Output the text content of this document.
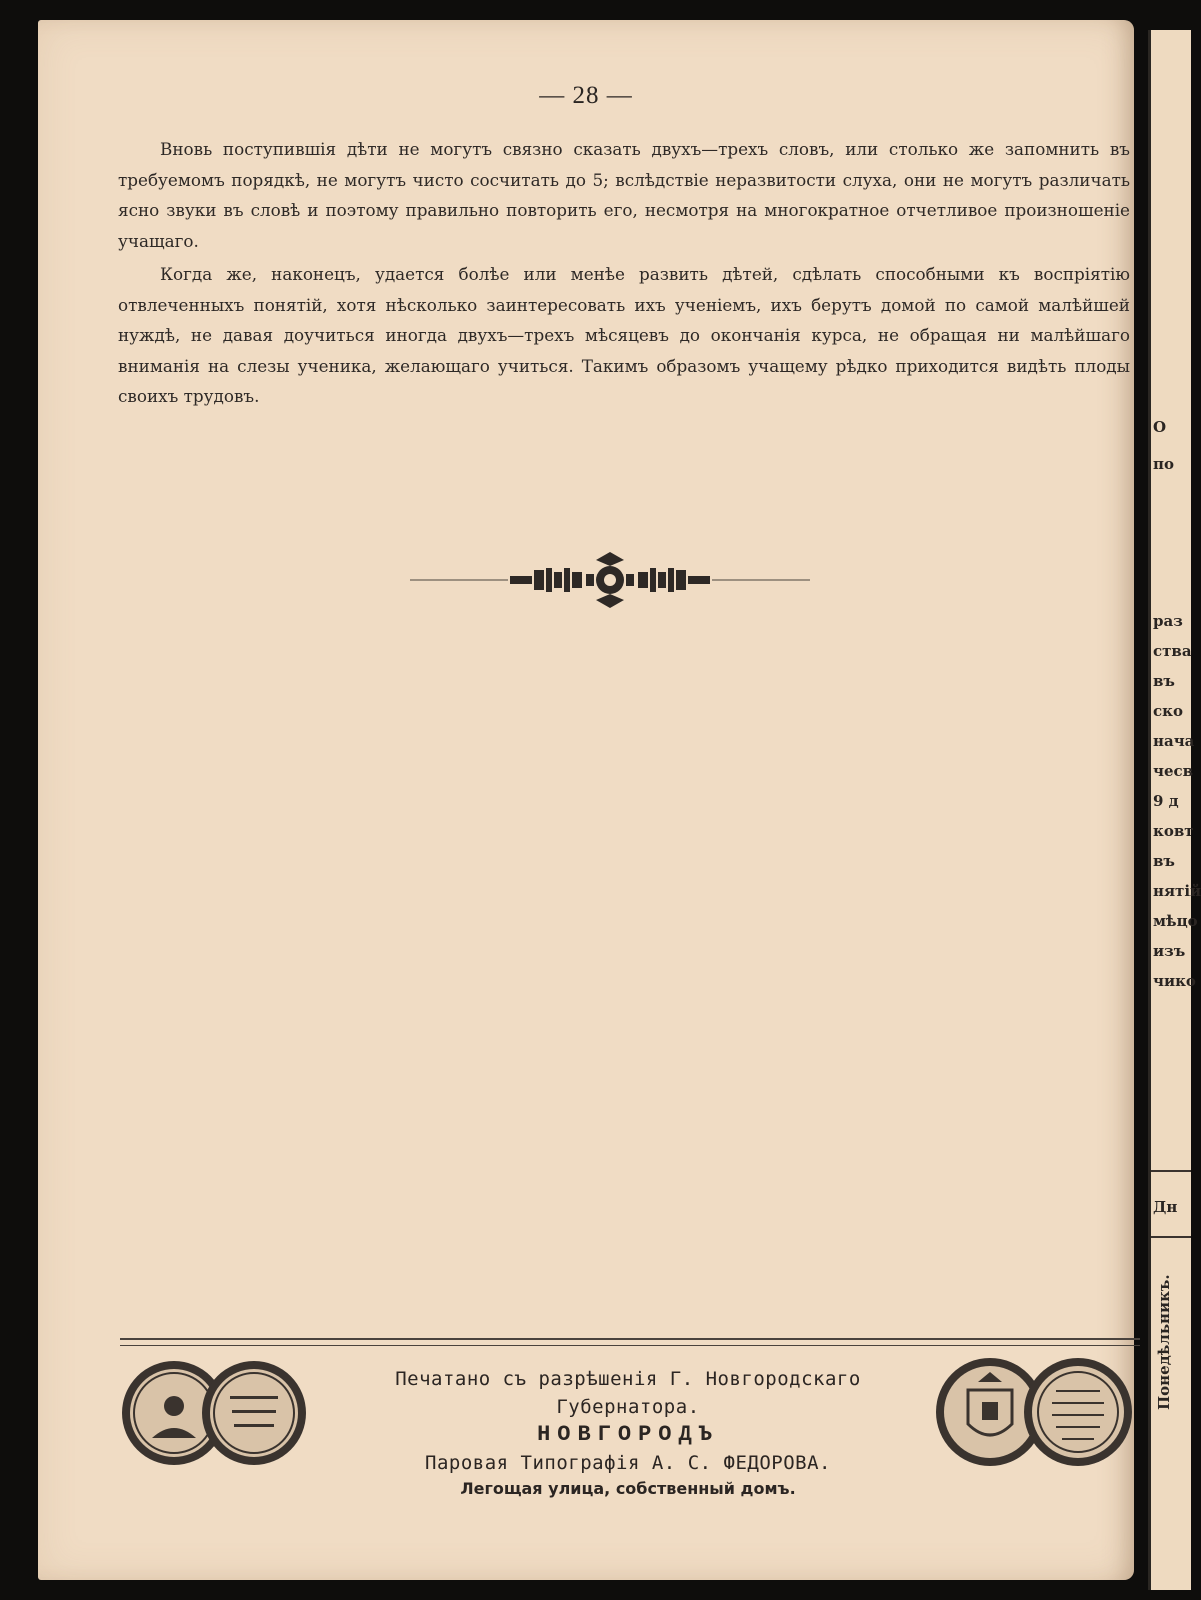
— 28 —

Вновь поступившія дѣти не могутъ связно сказать двухъ—трехъ словъ, или столько же запомнить въ требуемомъ порядкѣ, не могутъ чисто сосчитать до 5; вслѣдствіе неразвитости слуха, они не могутъ различать ясно звуки въ словѣ и поэтому правильно повторить его, несмотря на многократное отчетливое произношеніе учащаго.

Когда же, наконецъ, удается болѣе или менѣе развить дѣтей, сдѣлать способными къ воспріятію отвлеченныхъ понятій, хотя нѣсколько заинтересовать ихъ ученіемъ, ихъ берутъ домой по самой малѣйшей нуждѣ, не давая доучиться иногда двухъ—трехъ мѣсяцевъ до окончанія курса, не обращая ни малѣйшаго вниманія на слезы ученика, желающаго учиться. Такимъ образомъ учащему рѣдко приходится видѣть плоды своихъ трудовъ.

Печатано съ разрѣшенія Г. Новгородскаго Губернатора.
НОВГОРОДЪ
Паровая Типографія А. С. ФЕДОРОВА.
Легощая улица, собственный домъ.
О
по
раз
ства
въ
ско
нача
чесв
9 д
ковт
въ
нятій
мѣцо
изъ
чико
Дн
Понедѣльникъ.
